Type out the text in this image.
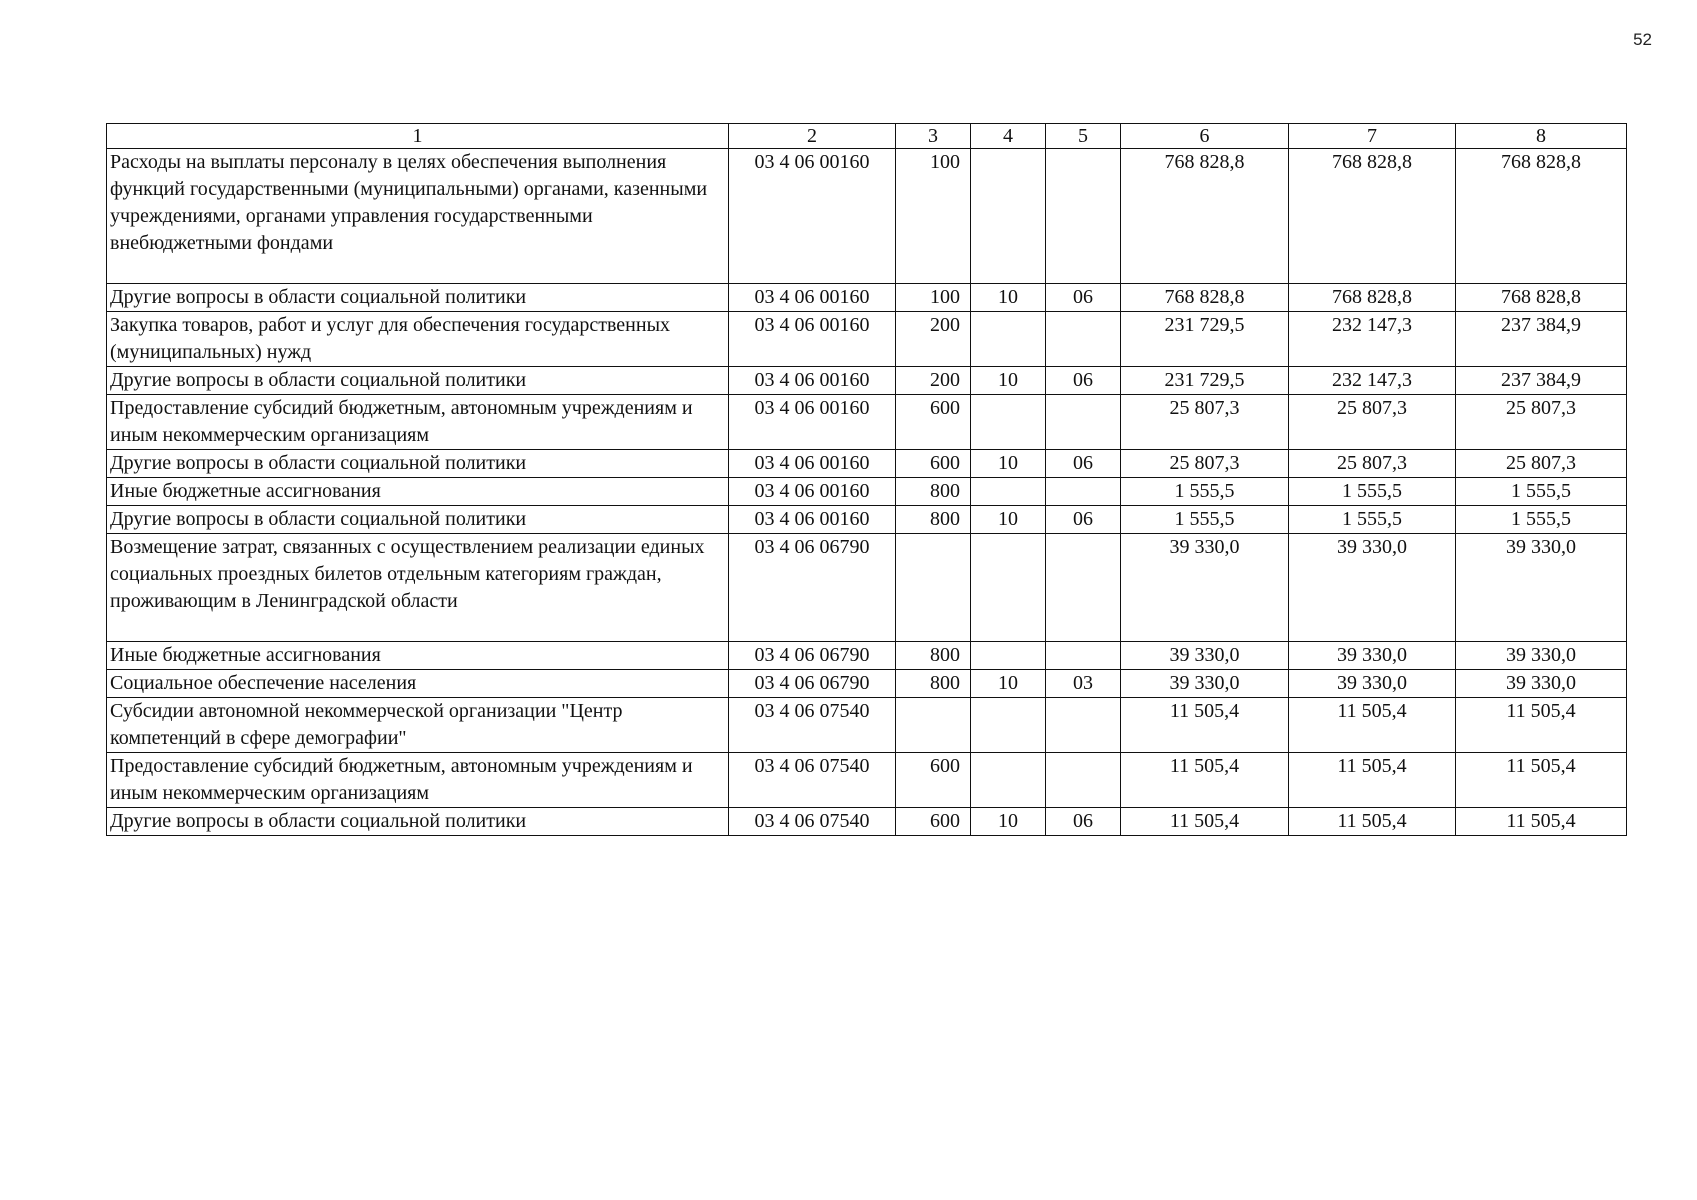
52
1	2	3	4	5	6	7	8
Расходы на выплаты персоналу в целях обеспечения выполнения функций государственными (муниципальными) органами, казенными учреждениями, органами управления государственными внебюджетными фондами	03 4 06 00160	100			768 828,8	768 828,8	768 828,8
Другие вопросы в области социальной политики	03 4 06 00160	100	10	06	768 828,8	768 828,8	768 828,8
Закупка товаров, работ и услуг для обеспечения государственных (муниципальных) нужд	03 4 06 00160	200			231 729,5	232 147,3	237 384,9
Другие вопросы в области социальной политики	03 4 06 00160	200	10	06	231 729,5	232 147,3	237 384,9
Предоставление субсидий бюджетным, автономным учреждениям и иным некоммерческим организациям	03 4 06 00160	600			25 807,3	25 807,3	25 807,3
Другие вопросы в области социальной политики	03 4 06 00160	600	10	06	25 807,3	25 807,3	25 807,3
Иные бюджетные ассигнования	03 4 06 00160	800			1 555,5	1 555,5	1 555,5
Другие вопросы в области социальной политики	03 4 06 00160	800	10	06	1 555,5	1 555,5	1 555,5
Возмещение затрат, связанных с осуществлением реализации единых социальных проездных билетов отдельным категориям граждан, проживающим в Ленинградской области	03 4 06 06790				39 330,0	39 330,0	39 330,0
Иные бюджетные ассигнования	03 4 06 06790	800			39 330,0	39 330,0	39 330,0
Социальное обеспечение населения	03 4 06 06790	800	10	03	39 330,0	39 330,0	39 330,0
Субсидии автономной некоммерческой организации "Центр компетенций в сфере демографии"	03 4 06 07540				11 505,4	11 505,4	11 505,4
Предоставление субсидий бюджетным, автономным учреждениям и иным некоммерческим организациям	03 4 06 07540	600			11 505,4	11 505,4	11 505,4
Другие вопросы в области социальной политики	03 4 06 07540	600	10	06	11 505,4	11 505,4	11 505,4
